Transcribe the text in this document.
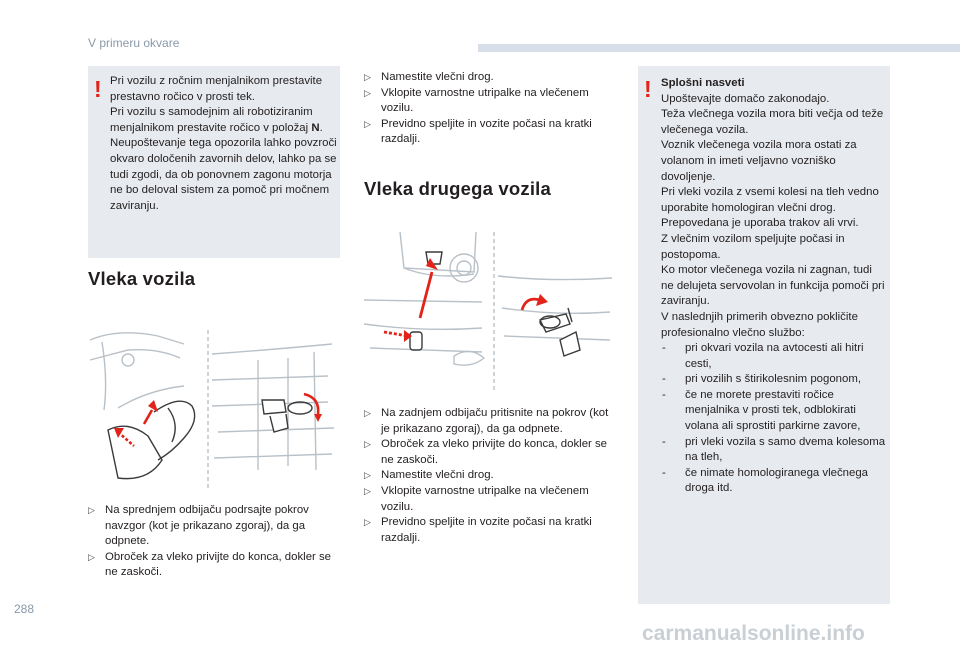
V primeru okvare
! Pri vozilu z ročnim menjalnikom prestavite prestavno ročico v prosti tek.

Pri vozilu s samodejnim ali robotiziranim menjalnikom prestavite ročico v položaj N.

Neupoštevanje tega opozorila lahko povzroči okvaro določenih zavornih delov, lahko pa se tudi zgodi, da ob ponovnem zagonu motorja ne bo deloval sistem za pomoč pri močnem zaviranju.

Vleka vozila
▷ Na sprednjem odbijaču podrsajte pokrov navzgor (kot je prikazano zgoraj), da ga odpnete.
▷ Obroček za vleko privijte do konca, dokler se ne zaskoči.
▷ Namestite vlečni drog.
▷ Vklopite varnostne utripalke na vlečenem vozilu.
▷ Previdno speljite in vozite počasi na kratki razdalji.
Vleka drugega vozila
▷ Na zadnjem odbijaču pritisnite na pokrov (kot je prikazano zgoraj), da ga odpnete.
▷ Obroček za vleko privijte do konca, dokler se ne zaskoči.
▷ Namestite vlečni drog.
▷ Vklopite varnostne utripalke na vlečenem vozilu.
▷ Previdno speljite in vozite počasi na kratki razdalji.
! Splošni nasveti

Upoštevajte domačo zakonodajo.

Teža vlečnega vozila mora biti večja od teže vlečenega vozila.

Voznik vlečenega vozila mora ostati za volanom in imeti veljavno vozniško dovoljenje.

Pri vleki vozila z vsemi kolesi na tleh vedno uporabite homologiran vlečni drog.

Prepovedana je uporaba trakov ali vrvi.

Z vlečnim vozilom speljujte počasi in postopoma.

Ko motor vlečenega vozila ni zagnan, tudi ne delujeta servovolan in funkcija pomoči pri zaviranju.

V naslednjih primerih obvezno pokličite profesionalno vlečno službo:

- pri okvari vozila na avtocesti ali hitri cesti,
- pri vozilih s štirikolesnim pogonom,
- če ne morete prestaviti ročice menjalnika v prosti tek, odblokirati volana ali sprostiti parkirne zavore,
- pri vleki vozila s samo dvema kolesoma na tleh,
- če nimate homologiranega vlečnega droga itd.
288
carmanualsonline.info
